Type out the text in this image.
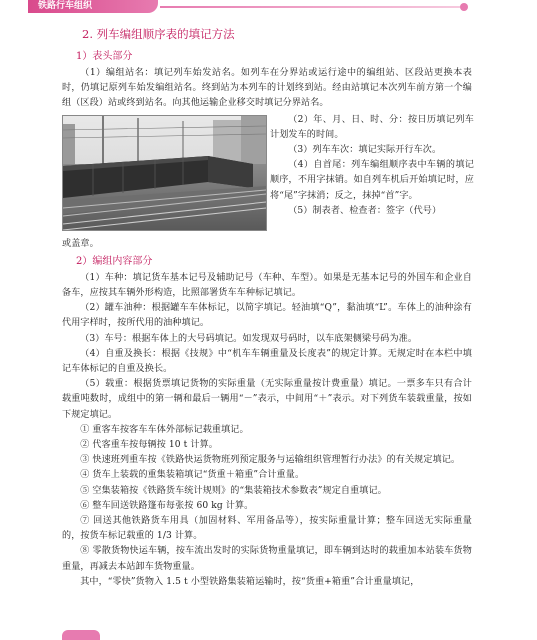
铁路行车组织
2. 列车编组顺序表的填记方法
1）表头部分

（1）编组站名：填记列车始发站名。如列车在分界站或运行途中的编组站、区段站更换本表时，仍填记原列车始发编组站名。终到站为本列车的计划终到站。经由站填记本次列车前方第一个编组（区段）站或终到站名。向其他运输企业移交时填记分界站名。

（2）年、月、日、时、分：按日历填记列车计划发车的时间。

（3）列车车次：填记实际开行车次。

（4）自首尾：列车编组顺序表中车辆的填记顺序，不用字抹销。如自列车机后开始填记时，应将“尾”字抹消；反之，抹掉“首”字。

（5）制表者、检查者：签字（代号）

或盖章。

2）编组内容部分

（1）车种：填记货车基本记号及辅助记号（车种、车型）。如果是无基本记号的外国车和企业自备车，应按其车辆外形构造，比照部署货车车种标记填记。

（2）罐车油种：根据罐车车体标记，以简字填记。轻油填“Q”，黏油填“L”。车体上的油种涂有代用字样时，按所代用的油种填记。

（3）车号：根据车体上的大号码填记。如发现双号码时，以车底架侧梁号码为准。

（4）自重及换长：根据《技规》中“机车车辆重量及长度表”的规定计算。无规定时在本栏中填记车体标记的自重及换长。

（5）载重：根据货票填记货物的实际重量（无实际重量按计费重量）填记。一票多车只有合计载重吨数时，成组中的第一辆和最后一辆用“－”表示，中间用“＋”表示。对下列货车装载重量，按如下规定填记。

① 重客车按客车车体外部标记载重填记。

② 代客重车按每辆按 10 t 计算。

③ 快速班列重车按《铁路快运货物班列预定服务与运输组织管理暂行办法》的有关规定填记。

④ 货车上装载的重集装箱填记“货重＋箱重”合计重量。

⑤ 空集装箱按《铁路货车统计规则》的“集装箱技术参数表”规定自重填记。

⑥ 整车回送铁路篷布每张按 60 kg 计算。

⑦ 回送其他铁路货车用具（加固材料、军用备品等），按实际重量计算；整车回送无实际重量的，按货车标记载重的 1/3 计算。

⑧ 零散货物快运车辆，按车流出发时的实际货物重量填记，即车辆到达时的载重加本站装车货物重量，再减去本站卸车货物重量。

其中，“零快”货物入 1.5 t 小型铁路集装箱运输时，按“货重+箱重”合计重量填记，
